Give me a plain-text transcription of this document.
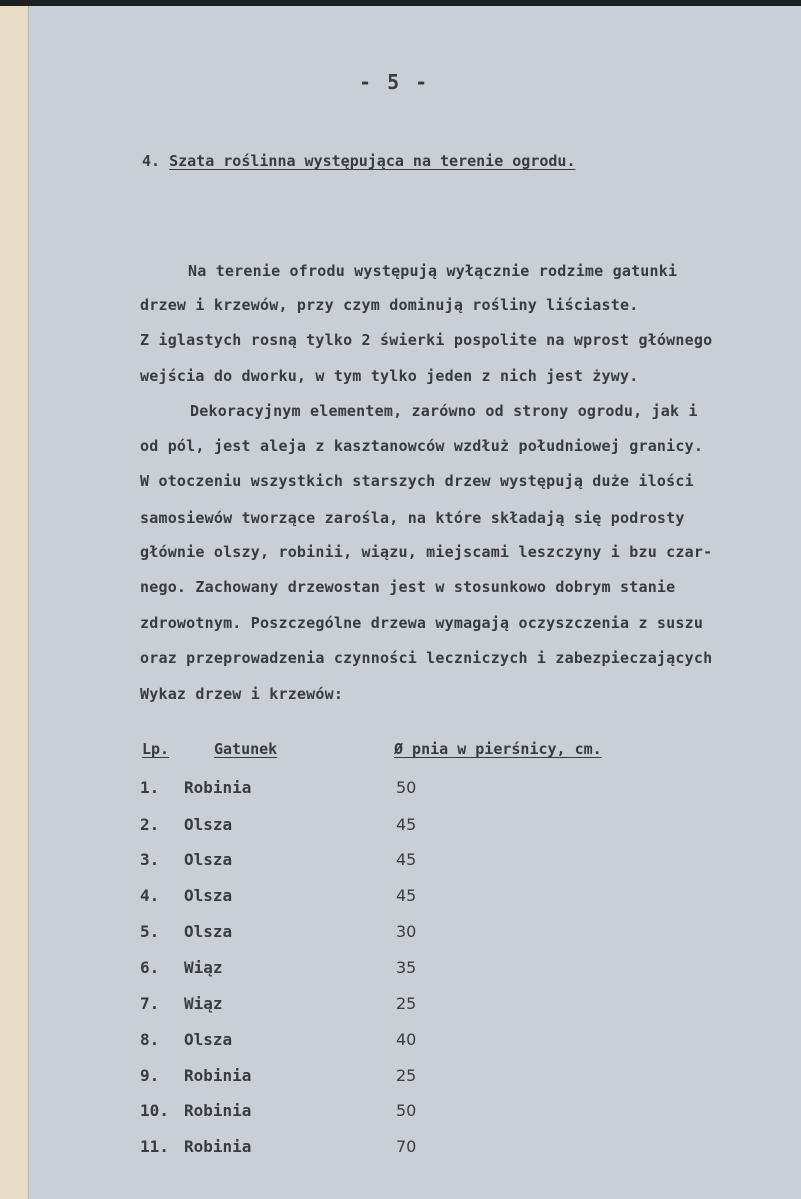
- 5 -
4. Szata roślinna występująca na terenie ogrodu.
Na terenie ofrodu występują wyłącznie rodzime gatunki
drzew i krzewów, przy czym dominują rośliny liściaste.
Z iglastych rosną tylko 2 świerki pospolite na wprost głównego
wejścia do dworku, w tym tylko jeden z nich jest żywy.
Dekoracyjnym elementem, zarówno od strony ogrodu, jak i
od pól, jest aleja z kasztanowców wzdłuż południowej granicy.
W otoczeniu wszystkich starszych drzew występują duże ilości
samosiewów tworzące zarośla, na które składają się podrosty
głównie olszy, robinii, wiązu, miejscami leszczyny i bzu czar-
nego. Zachowany drzewostan jest w stosunkowo dobrym stanie
zdrowotnym. Poszczególne drzewa wymagają oczyszczenia z suszu
oraz przeprowadzenia czynności leczniczych i zabezpieczających
Wykaz drzew i krzewów:
Lp.	Gatunek	Ø pnia w pierśnicy, cm.
1. Robinia	50
2. Olsza	45
3. Olsza	45
4. Olsza	45
5. Olsza	30
6. Wiąz	35
7. Wiąz	25
8. Olsza	40
9. Robinia	25
10. Robinia	50
11. Robinia	70
